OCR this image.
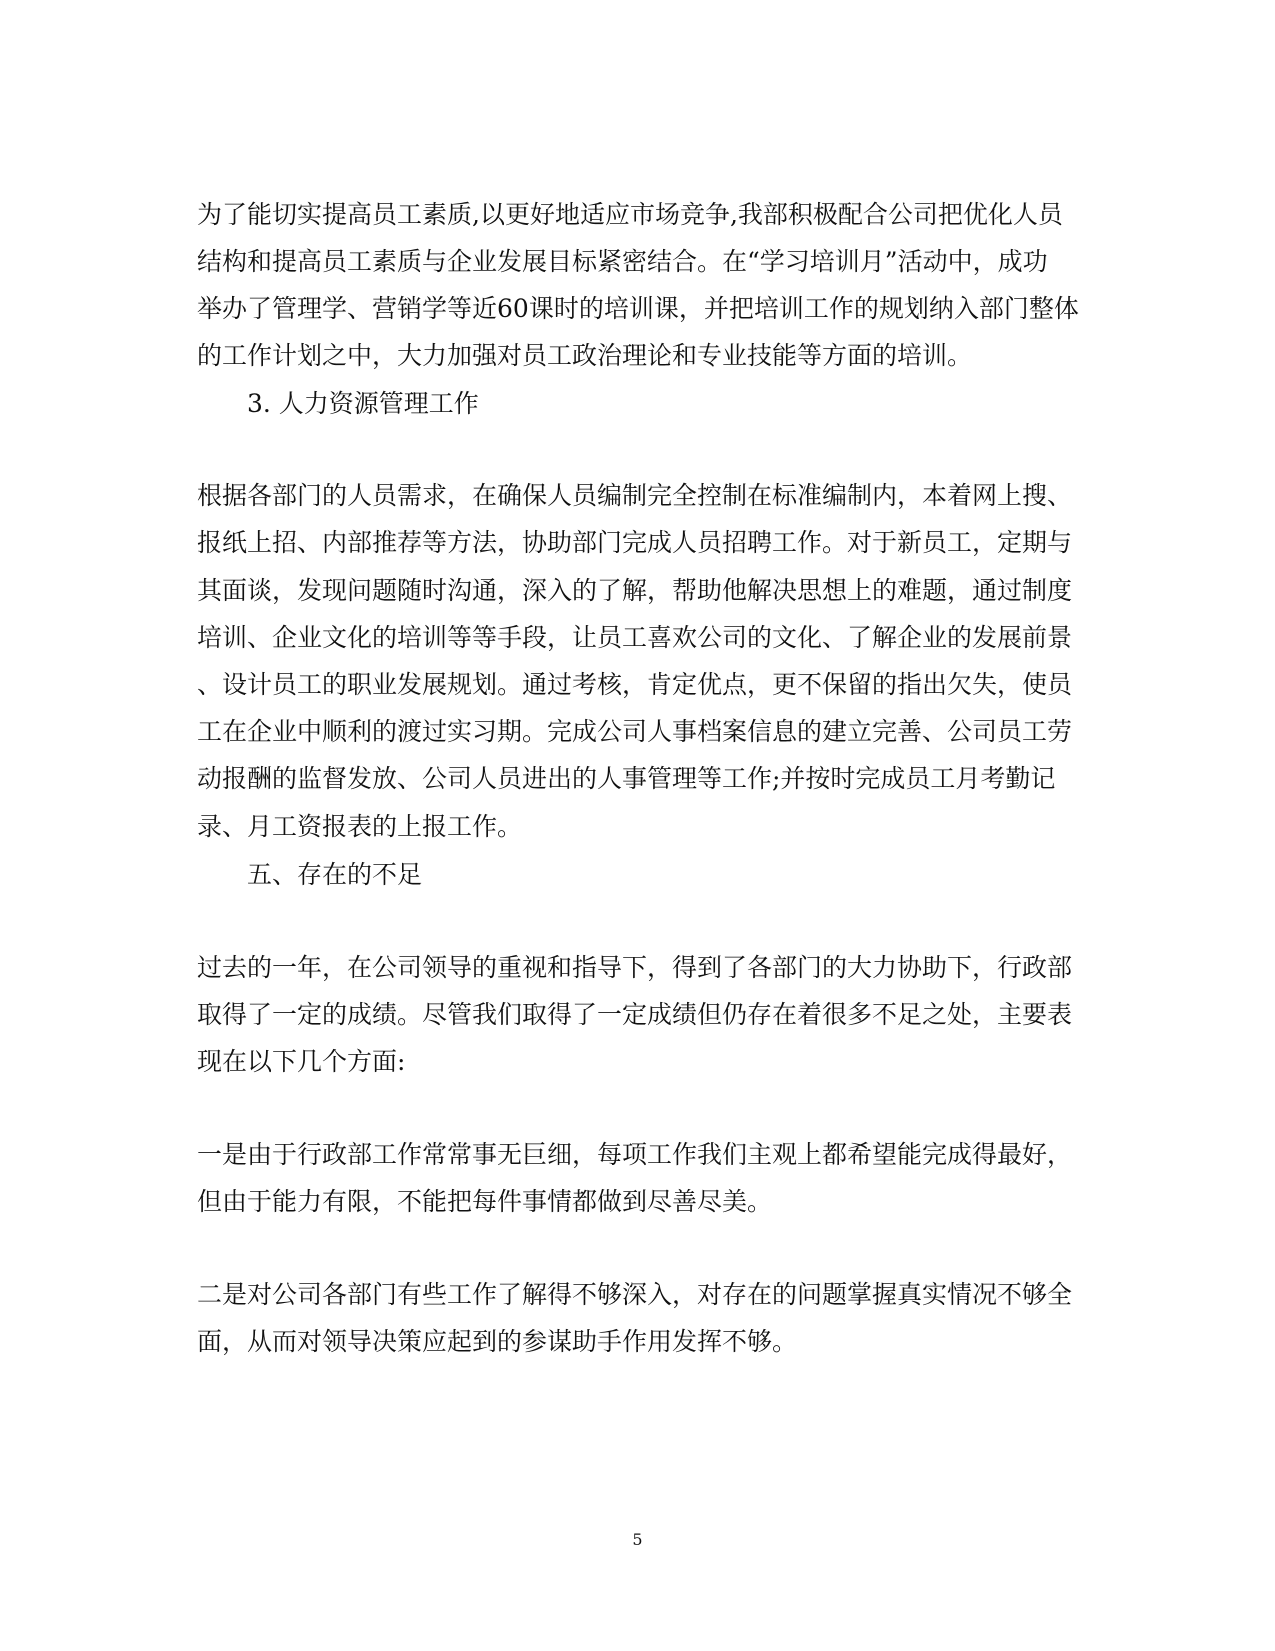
为了能切实提高员工素质,以更好地适应市场竞争,我部积极配合公司把优化人员
结构和提高员工素质与企业发展目标紧密结合。在“学习培训月”活动中，成功
举办了管理学、营销学等近60课时的培训课，并把培训工作的规划纳入部门整体
的工作计划之中，大力加强对员工政治理论和专业技能等方面的培训。
3. 人力资源管理工作
根据各部门的人员需求，在确保人员编制完全控制在标准编制内，本着网上搜、
报纸上招、内部推荐等方法，协助部门完成人员招聘工作。对于新员工，定期与
其面谈，发现问题随时沟通，深入的了解，帮助他解决思想上的难题，通过制度
培训、企业文化的培训等等手段，让员工喜欢公司的文化、了解企业的发展前景
、设计员工的职业发展规划。通过考核，肯定优点，更不保留的指出欠失，使员
工在企业中顺利的渡过实习期。完成公司人事档案信息的建立完善、公司员工劳
动报酬的监督发放、公司人员进出的人事管理等工作;并按时完成员工月考勤记
录、月工资报表的上报工作。
五、存在的不足
过去的一年，在公司领导的重视和指导下，得到了各部门的大力协助下，行政部
取得了一定的成绩。尽管我们取得了一定成绩但仍存在着很多不足之处，主要表
现在以下几个方面:
一是由于行政部工作常常事无巨细，每项工作我们主观上都希望能完成得最好，
但由于能力有限，不能把每件事情都做到尽善尽美。
二是对公司各部门有些工作了解得不够深入，对存在的问题掌握真实情况不够全
面，从而对领导决策应起到的参谋助手作用发挥不够。
5
